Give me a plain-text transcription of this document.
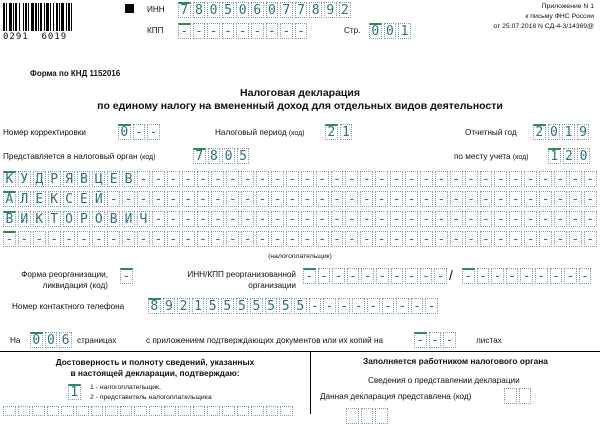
0291  6019
ИНН 7 8 0 5 0 6 0 7 7 8 9 2
КПП - - - - - - - - -	Стр. 0 0 1
Приложение N 1
к письму ФНС России
от 25.07.2018 N СД-4-3/14369@
Форма по КНД 1152016
Налоговая декларация
по единому налогу на вмененный доход для отдельных видов деятельности
Номер корректировки	0 - -	Налоговый период (код) 2 1	Отчетный год 2 0 1 9
Представляется в налоговый орган (код)	7 8 0 5	по месту учета (код) 1 2 0
К У Д Р Я В Ц Е В - - - - - - - - - - - - - - - - - - - - - - - - - - - - - - -
А Л Е К С Е Й - - - - - - - - - - - - - - - - - - - - - - - - - - - - - - - - -
В И К Т О Р О В И Ч - - - - - - - - - - - - - - - - - - - - - - - - - - - - - -
- - - - - - - - - - - - - - - - - - - - - - - - - - - - - - - - - - - - - - - -
(налогоплательщик)
Форма реорганизации,
ликвидация (код)
-	ИНН/КПП реорганизованной
организации
- - - - - - - - - - / - - - - - - - - -
Номер контактного телефона 8 9 2 1 5 5 5 5 5 5 5 - - - - - - - - -
На 0 0 6 страницах	с приложением подтверждающих документов или их копий на	- - -	листах
Достоверность и полноту сведений, указанных
в настоящей декларации, подтверждаю:
1	1 - налогоплательщик,
2 - представитель налогоплательщика
Заполняется работником налогового органа
Сведения о представлении декларации
Данная декларация представлена (код)
